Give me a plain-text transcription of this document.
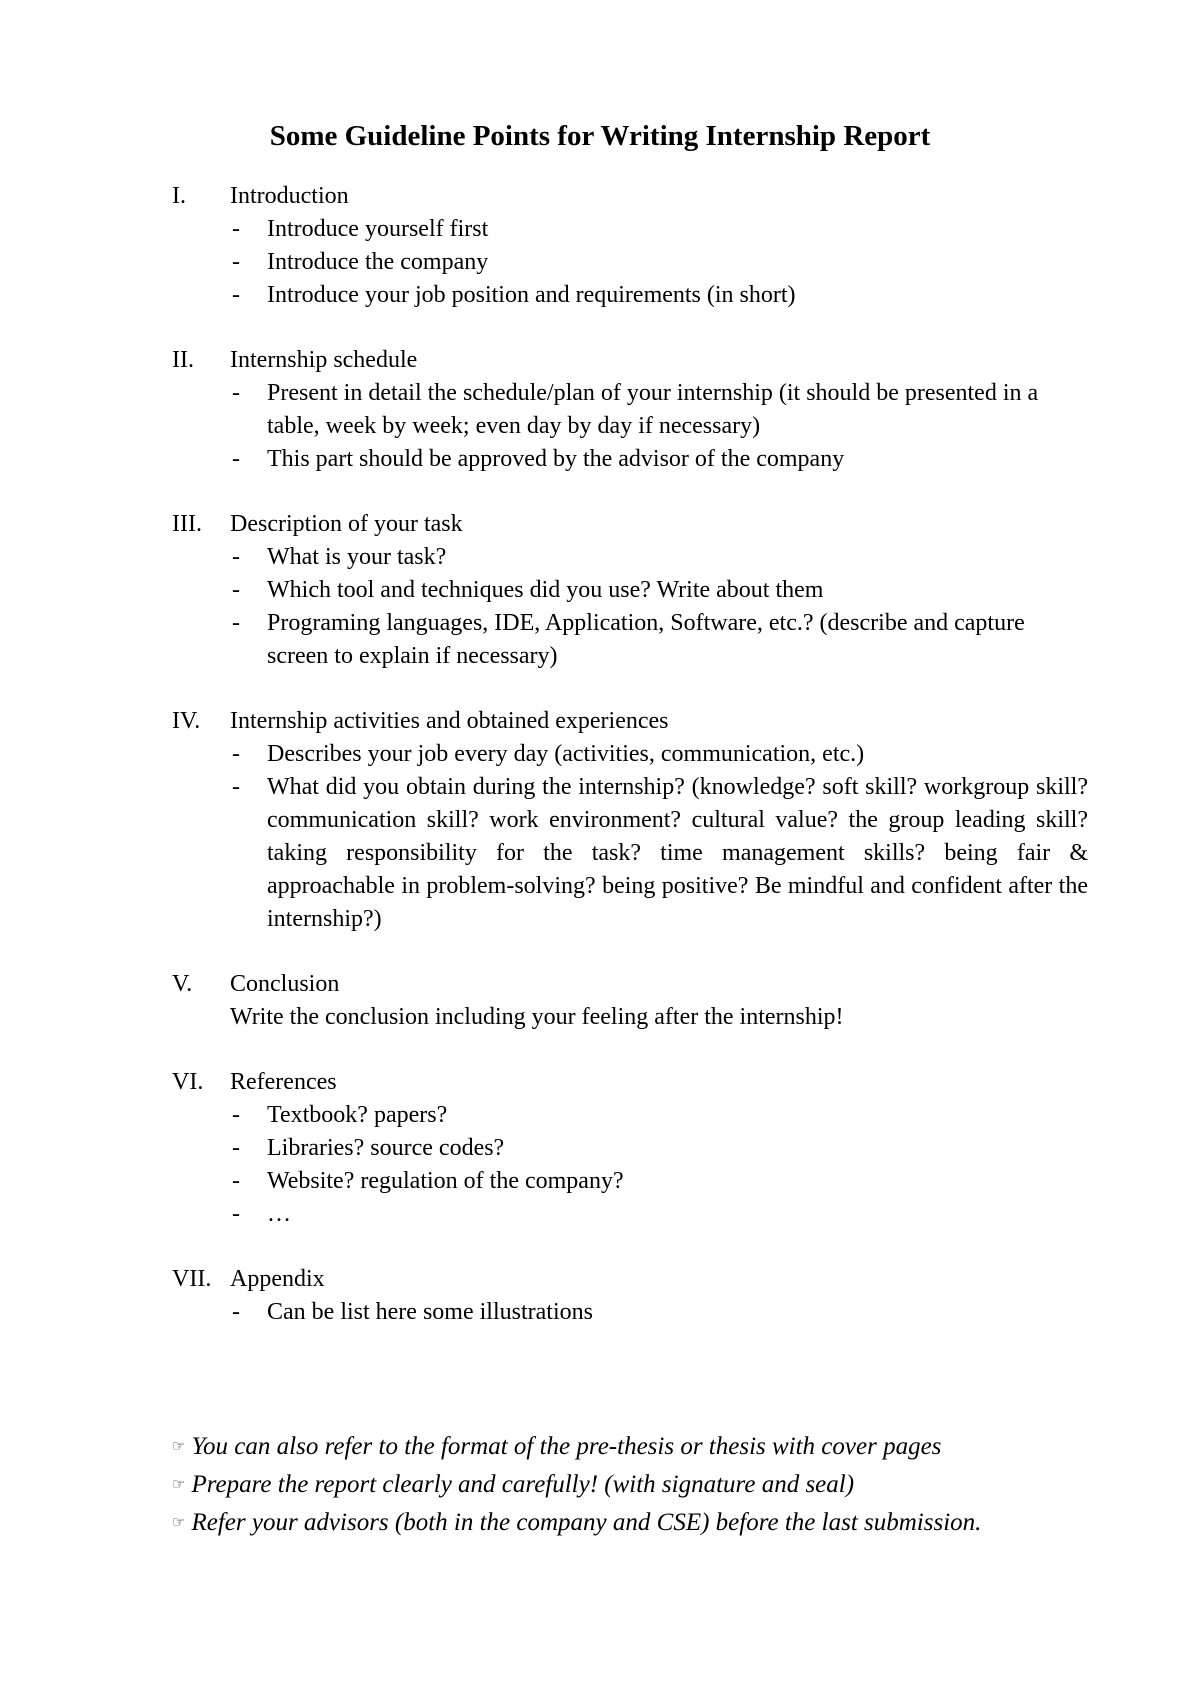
Some Guideline Points for Writing Internship Report
I. Introduction
- Introduce yourself first
- Introduce the company
- Introduce your job position and requirements (in short)
II. Internship schedule
- Present in detail the schedule/plan of your internship (it should be presented in a table, week by week; even day by day if necessary)
- This part should be approved by the advisor of the company
III. Description of your task
- What is your task?
- Which tool and techniques did you use? Write about them
- Programing languages, IDE, Application, Software, etc.? (describe and capture screen to explain if necessary)
IV. Internship activities and obtained experiences
- Describes your job every day (activities, communication, etc.)
- What did you obtain during the internship? (knowledge? soft skill? workgroup skill? communication skill? work environment? cultural value? the group leading skill? taking responsibility for the task? time management skills? being fair & approachable in problem-solving? being positive? Be mindful and confident after the internship?)
V. Conclusion
Write the conclusion including your feeling after the internship!
VI. References
- Textbook? papers?
- Libraries? source codes?
- Website? regulation of the company?
- …
VII. Appendix
- Can be list here some illustrations
☞ You can also refer to the format of the pre-thesis or thesis with cover pages
☞ Prepare the report clearly and carefully! (with signature and seal)
☞ Refer your advisors (both in the company and CSE) before the last submission.
